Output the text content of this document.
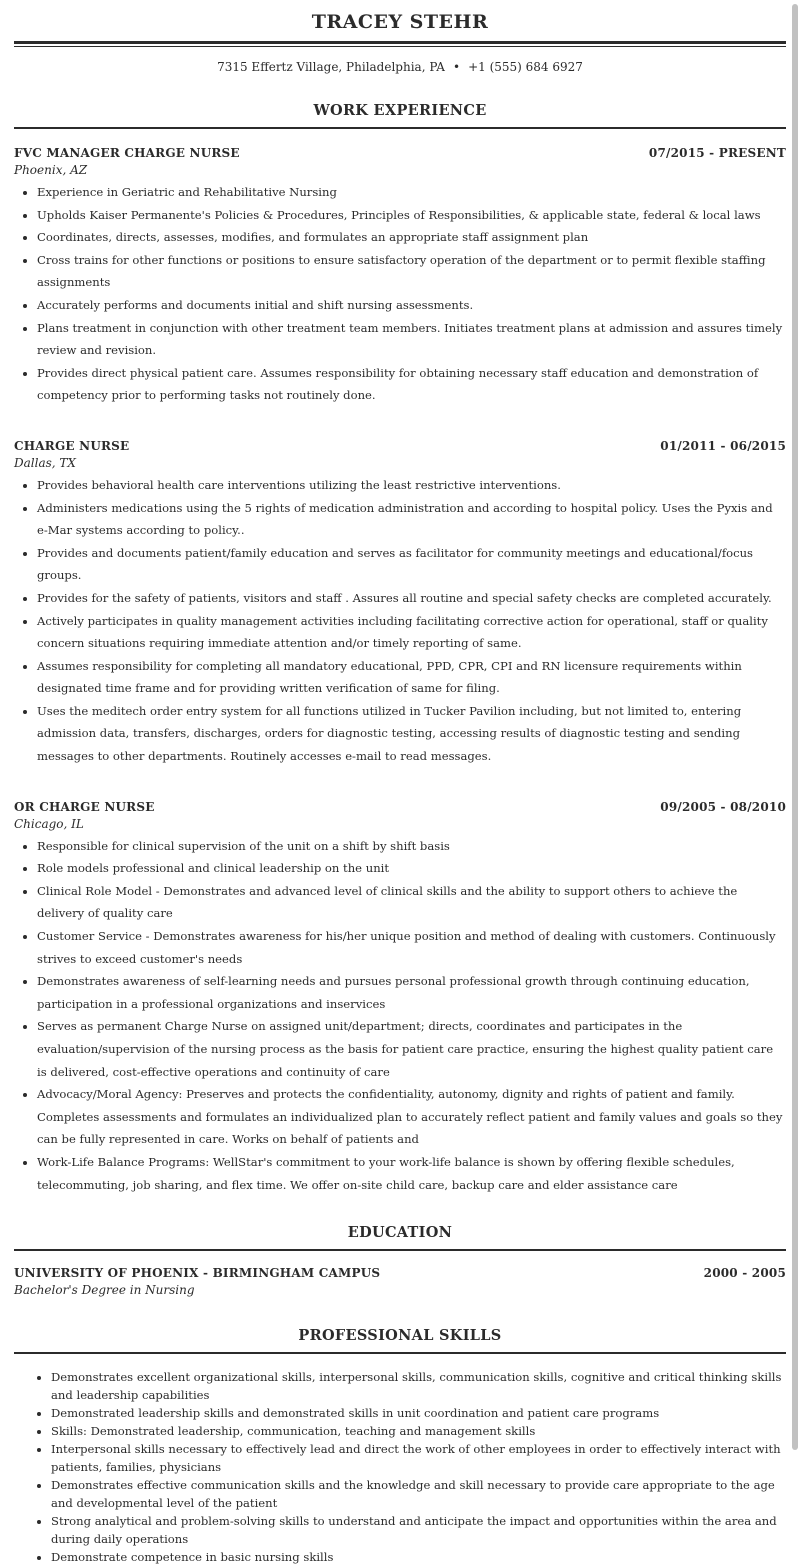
TRACEY STEHR
7315 Effertz Village, Philadelphia, PA • +1 (555) 684 6927
WORK EXPERIENCE
FVC MANAGER CHARGE NURSE	07/2015 - PRESENT
Phoenix, AZ
• Experience in Geriatric and Rehabilitative Nursing
• Upholds Kaiser Permanente's Policies & Procedures, Principles of Responsibilities, & applicable state, federal & local laws
• Coordinates, directs, assesses, modifies, and formulates an appropriate staff assignment plan
• Cross trains for other functions or positions to ensure satisfactory operation of the department or to permit flexible staffing assignments
• Accurately performs and documents initial and shift nursing assessments.
• Plans treatment in conjunction with other treatment team members. Initiates treatment plans at admission and assures timely review and revision.
• Provides direct physical patient care. Assumes responsibility for obtaining necessary staff education and demonstration of competency prior to performing tasks not routinely done.
CHARGE NURSE	01/2011 - 06/2015
Dallas, TX
• Provides behavioral health care interventions utilizing the least restrictive interventions.
• Administers medications using the 5 rights of medication administration and according to hospital policy. Uses the Pyxis and e-Mar systems according to policy..
• Provides and documents patient/family education and serves as facilitator for community meetings and educational/focus groups.
• Provides for the safety of patients, visitors and staff . Assures all routine and special safety checks are completed accurately.
• Actively participates in quality management activities including facilitating corrective action for operational, staff or quality concern situations requiring immediate attention and/or timely reporting of same.
• Assumes responsibility for completing all mandatory educational, PPD, CPR, CPI and RN licensure requirements within designated time frame and for providing written verification of same for filing.
• Uses the meditech order entry system for all functions utilized in Tucker Pavilion including, but not limited to, entering admission data, transfers, discharges, orders for diagnostic testing, accessing results of diagnostic testing and sending messages to other departments. Routinely accesses e-mail to read messages.
OR CHARGE NURSE	09/2005 - 08/2010
Chicago, IL
• Responsible for clinical supervision of the unit on a shift by shift basis
• Role models professional and clinical leadership on the unit
• Clinical Role Model - Demonstrates and advanced level of clinical skills and the ability to support others to achieve the delivery of quality care
• Customer Service - Demonstrates awareness for his/her unique position and method of dealing with customers. Continuously strives to exceed customer's needs
• Demonstrates awareness of self-learning needs and pursues personal professional growth through continuing education, participation in a professional organizations and inservices
• Serves as permanent Charge Nurse on assigned unit/department; directs, coordinates and participates in the evaluation/supervision of the nursing process as the basis for patient care practice, ensuring the highest quality patient care is delivered, cost-effective operations and continuity of care
• Advocacy/Moral Agency: Preserves and protects the confidentiality, autonomy, dignity and rights of patient and family. Completes assessments and formulates an individualized plan to accurately reflect patient and family values and goals so they can be fully represented in care. Works on behalf of patients and
• Work-Life Balance Programs: WellStar's commitment to your work-life balance is shown by offering flexible schedules, telecommuting, job sharing, and flex time. We offer on-site child care, backup care and elder assistance care
EDUCATION
UNIVERSITY OF PHOENIX - BIRMINGHAM CAMPUS	2000 - 2005
Bachelor's Degree in Nursing
PROFESSIONAL SKILLS
• Demonstrates excellent organizational skills, interpersonal skills, communication skills, cognitive and critical thinking skills and leadership capabilities
• Demonstrated leadership skills and demonstrated skills in unit coordination and patient care programs
• Skills: Demonstrated leadership, communication, teaching and management skills
• Interpersonal skills necessary to effectively lead and direct the work of other employees in order to effectively interact with patients, families, physicians
• Demonstrates effective communication skills and the knowledge and skill necessary to provide care appropriate to the age and developmental level of the patient
• Strong analytical and problem-solving skills to understand and anticipate the impact and opportunities within the area and during daily operations
• Demonstrate competence in basic nursing skills
